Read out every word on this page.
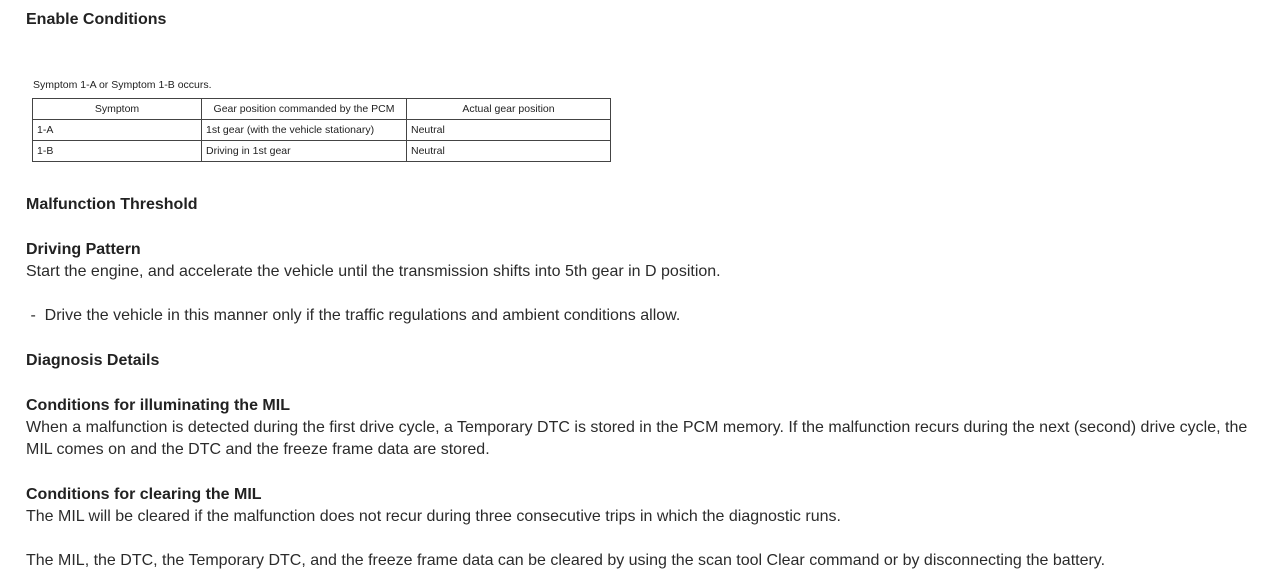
Enable Conditions
Symptom 1-A or Symptom 1-B occurs.
Symptom	Gear position commanded by the PCM	Actual gear position
1-A	1st gear (with the vehicle stationary)	Neutral
1-B	Driving in 1st gear	Neutral
Malfunction Threshold
Driving Pattern
Start the engine, and accelerate the vehicle until the transmission shifts into 5th gear in D position.
-  Drive the vehicle in this manner only if the traffic regulations and ambient conditions allow.
Diagnosis Details
Conditions for illuminating the MIL
When a malfunction is detected during the first drive cycle, a Temporary DTC is stored in the PCM memory. If the malfunction recurs during the next (second) drive cycle, the MIL comes on and the DTC and the freeze frame data are stored.
Conditions for clearing the MIL
The MIL will be cleared if the malfunction does not recur during three consecutive trips in which the diagnostic runs.
The MIL, the DTC, the Temporary DTC, and the freeze frame data can be cleared by using the scan tool Clear command or by disconnecting the battery.
